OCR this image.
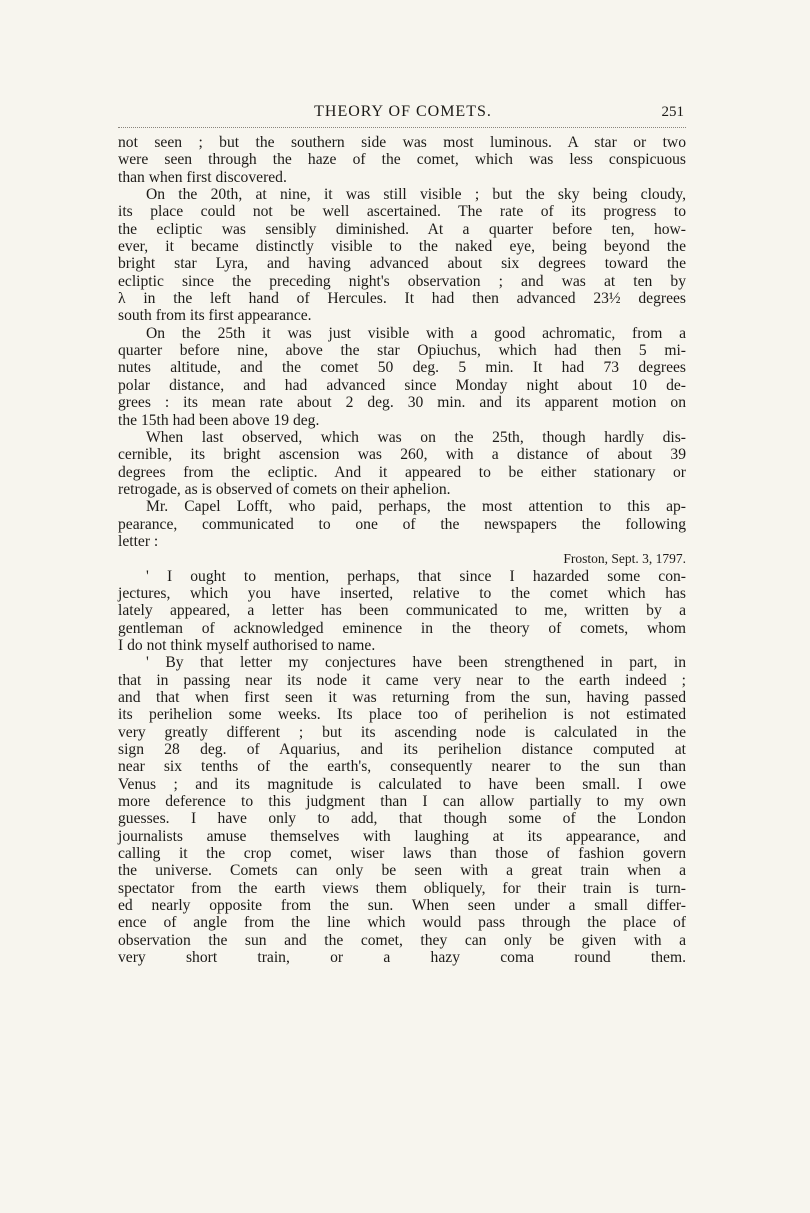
THEORY OF COMETS.	251
not seen ; but the southern side was most luminous. A star or two
were seen through the haze of the comet, which was less conspicuous
than when first discovered.
On the 20th, at nine, it was still visible ; but the sky being cloudy,
its place could not be well ascertained. The rate of its progress to
the ecliptic was sensibly diminished. At a quarter before ten, how-
ever, it became distinctly visible to the naked eye, being beyond the
bright star Lyra, and having advanced about six degrees toward the
ecliptic since the preceding night's observation ; and was at ten by
λ in the left hand of Hercules. It had then advanced 23½ degrees
south from its first appearance.
On the 25th it was just visible with a good achromatic, from a
quarter before nine, above the star Opiuchus, which had then 5 mi-
nutes altitude, and the comet 50 deg. 5 min. It had 73 degrees
polar distance, and had advanced since Monday night about 10 de-
grees : its mean rate about 2 deg. 30 min. and its apparent motion on
the 15th had been above 19 deg.
When last observed, which was on the 25th, though hardly dis-
cernible, its bright ascension was 260, with a distance of about 39
degrees from the ecliptic. And it appeared to be either stationary or
retrogade, as is observed of comets on their aphelion.
Mr. Capel Lofft, who paid, perhaps, the most attention to this ap-
pearance, communicated to one of the newspapers the following
letter :
Froston, Sept. 3, 1797.
' I ought to mention, perhaps, that since I hazarded some con-
jectures, which you have inserted, relative to the comet which has
lately appeared, a letter has been communicated to me, written by a
gentleman of acknowledged eminence in the theory of comets, whom
I do not think myself authorised to name.
' By that letter my conjectures have been strengthened in part, in
that in passing near its node it came very near to the earth indeed ;
and that when first seen it was returning from the sun, having passed
its perihelion some weeks. Its place too of perihelion is not estimated
very greatly different ; but its ascending node is calculated in the
sign 28 deg. of Aquarius, and its perihelion distance computed at
near six tenths of the earth's, consequently nearer to the sun than
Venus ; and its magnitude is calculated to have been small. I owe
more deference to this judgment than I can allow partially to my own
guesses. I have only to add, that though some of the London
journalists amuse themselves with laughing at its appearance, and
calling it the crop comet, wiser laws than those of fashion govern
the universe. Comets can only be seen with a great train when a
spectator from the earth views them obliquely, for their train is turn-
ed nearly opposite from the sun. When seen under a small differ-
ence of angle from the line which would pass through the place of
observation the sun and the comet, they can only be given with a
very short train, or a hazy coma round them.
